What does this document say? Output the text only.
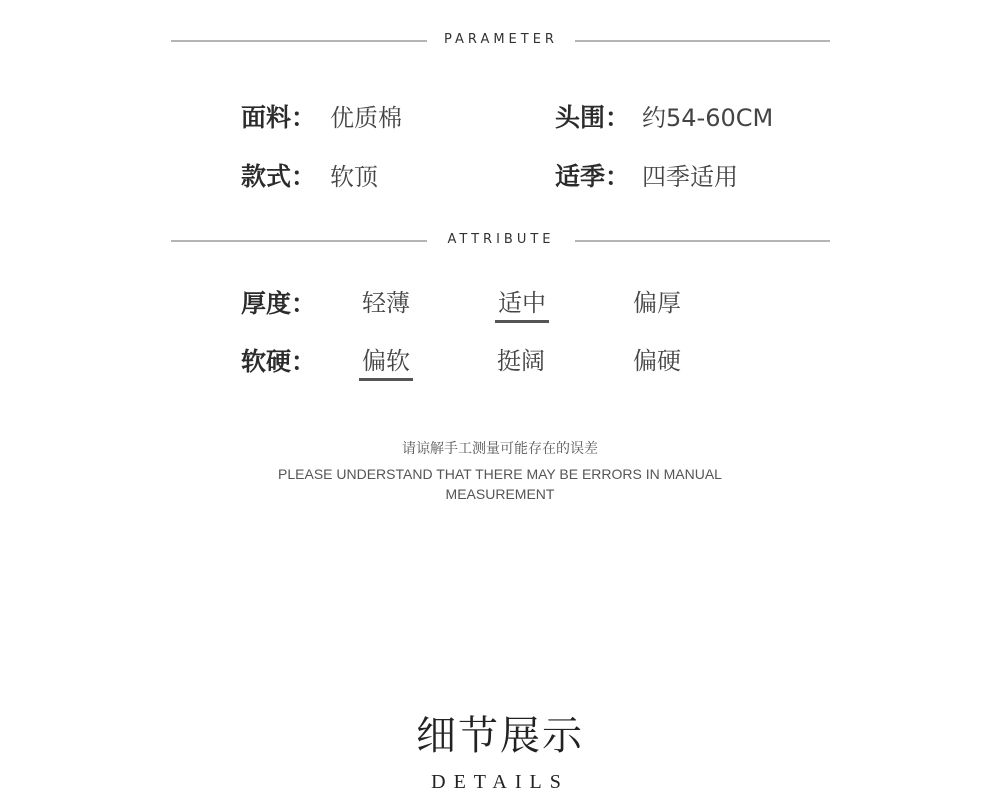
PARAMETER
面料： 优质棉	头围： 约54-60CM
款式： 软顶	适季： 四季适用
ATTRIBUTE
厚度： 轻薄	适中	偏厚
软硬： 偏软	挺阔	偏硬
请谅解手工测量可能存在的误差
PLEASE UNDERSTAND THAT THERE MAY BE ERRORS IN MANUAL MEASUREMENT
细节展示
DETAILS
